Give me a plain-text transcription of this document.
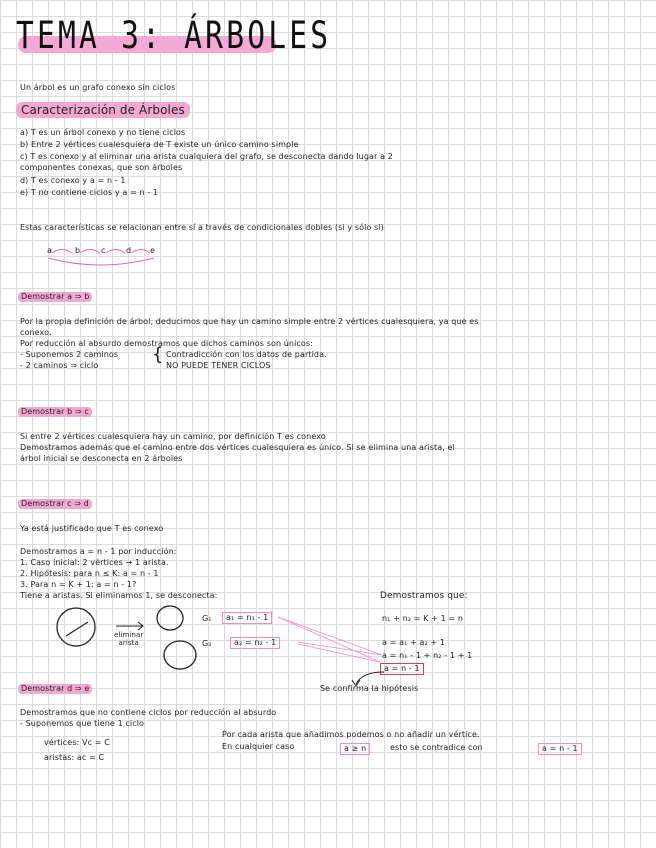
TEMA 3: ÁRBOLES
Un árbol es un grafo conexo sin ciclos
Caracterización de Árboles
a) T es un árbol conexo y no tiene ciclos
b) Entre 2 vértices cualesquiera de T existe un único camino simple
c) T es conexo y al eliminar una arista cualquiera del grafo, se desconecta dando lugar a 2
componentes conexas, que son árboles
d) T es conexo y a = n - 1
e) T no contiene ciclos y a = n - 1
Estas características se relacionan entre sí a través de condicionales dobles (si y sólo si)
a	b	c	d e
Demostrar a ⇒ b
Por la propia definición de árbol, deducimos que hay un camino simple entre 2 vértices cualesquiera, ya que es
conexo.
Por reducción al absurdo demostramos que dichos caminos son únicos:
- Suponemos 2 caminos
- 2 caminos ⇒ ciclo
{ Contradicción con los datos de partida.
NO PUEDE TENER CICLOS
Demostrar b ⇒ c
Si entre 2 vértices cualesquiera hay un camino, por definición T es conexo
Demostramos además que el camino entre dos vértices cualesquiera es único. Si se elimina una arista, el
árbol inicial se desconecta en 2 árboles
Demostrar c ⇒ d
Ya está justificado que T es conexo
Demostramos a = n - 1 por inducción:
1. Caso inicial: 2 vértices → 1 arista.
2. Hipótesis: para n ≤ K: a = n - 1
3. Para n = K + 1: a = n - 1?
Tiene a aristas. Si eliminamos 1, se desconecta:
eliminar
arista
G₁	a₁ = n₁ - 1
G₂	a₂ = n₂ - 1
Demostramos que:
n₁ + n₂ = K + 1 = n
a = a₁ + a₂ + 1
a = n₁ - 1 + n₂ - 1 + 1
a = n - 1
Se confirma la hipótesis
Demostrar d ⇒ e
Demostramos que no contiene ciclos por reducción al absurdo
- Suponemos que tiene 1 ciclo
vértices: Vc = C
aristas: ac = C
Por cada arista que añadimos podemos o no añadir un vértice.
En cualquier caso	a ≥ n	esto se contradice con	a = n - 1
